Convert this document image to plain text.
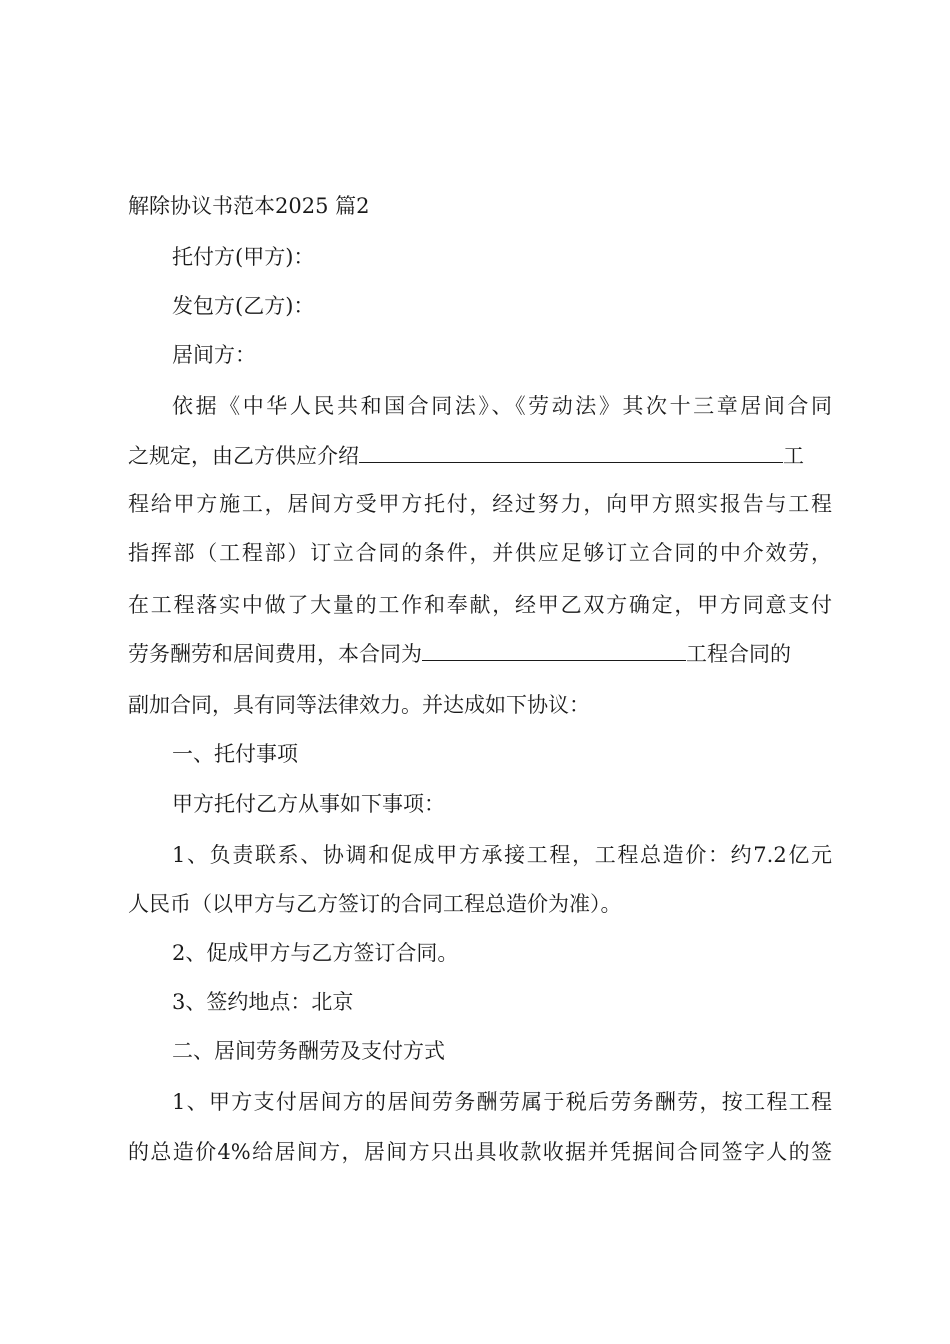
解除协议书范本2025 篇2
托付方(甲方)：
发包方(乙方)：
居间方：
依据《中华人民共和国合同法》、《劳动法》其次十三章居间合同
之规定，由乙方供应介绍	工
程给甲方施工，居间方受甲方托付，经过努力，向甲方照实报告与工程
指挥部（工程部）订立合同的条件，并供应足够订立合同的中介效劳，
在工程落实中做了大量的工作和奉献，经甲乙双方确定，甲方同意支付
劳务酬劳和居间费用，本合同为	工程合同的
副加合同，具有同等法律效力。并达成如下协议：
一、托付事项
甲方托付乙方从事如下事项：
1、负责联系、协调和促成甲方承接工程，工程总造价：约7.2亿元
人民币（以甲方与乙方签订的合同工程总造价为准）。
2、促成甲方与乙方签订合同。
3、签约地点：北京
二、居间劳务酬劳及支付方式
1、甲方支付居间方的居间劳务酬劳属于税后劳务酬劳，按工程工程
的总造价4%给居间方，居间方只出具收款收据并凭据间合同签字人的签
